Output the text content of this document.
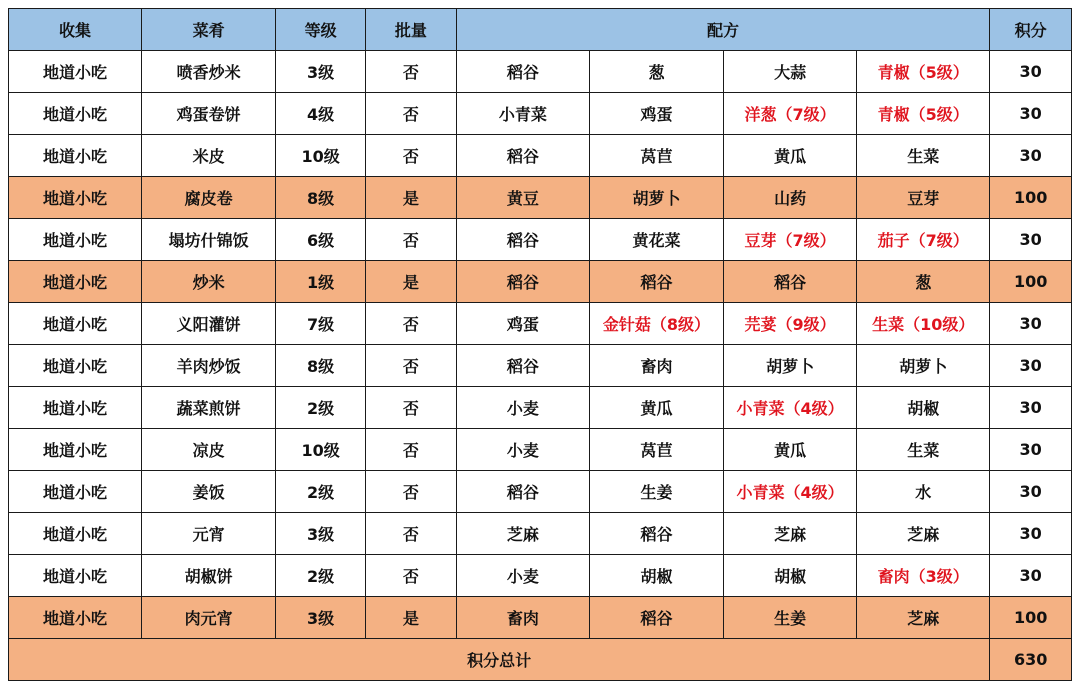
收集	菜肴	等级	批量	配方				积分
地道小吃	喷香炒米	3级	否	稻谷	葱	大蒜	青椒（5级）	30
地道小吃	鸡蛋卷饼	4级	否	小青菜	鸡蛋	洋葱（7级）	青椒（5级）	30
地道小吃	米皮	10级	否	稻谷	莴苣	黄瓜	生菜	30
地道小吃	腐皮卷	8级	是	黄豆	胡萝卜	山药	豆芽	100
地道小吃	塌坊什锦饭	6级	否	稻谷	黄花菜	豆芽（7级）	茄子（7级）	30
地道小吃	炒米	1级	是	稻谷	稻谷	稻谷	葱	100
地道小吃	义阳灌饼	7级	否	鸡蛋	金针菇（8级）	芫荽（9级）	生菜（10级）	30
地道小吃	羊肉炒饭	8级	否	稻谷	畜肉	胡萝卜	胡萝卜	30
地道小吃	蔬菜煎饼	2级	否	小麦	黄瓜	小青菜（4级）	胡椒	30
地道小吃	凉皮	10级	否	小麦	莴苣	黄瓜	生菜	30
地道小吃	姜饭	2级	否	稻谷	生姜	小青菜（4级）	水	30
地道小吃	元宵	3级	否	芝麻	稻谷	芝麻	芝麻	30
地道小吃	胡椒饼	2级	否	小麦	胡椒	胡椒	畜肉（3级）	30
地道小吃	肉元宵	3级	是	畜肉	稻谷	生姜	芝麻	100
积分总计								630
